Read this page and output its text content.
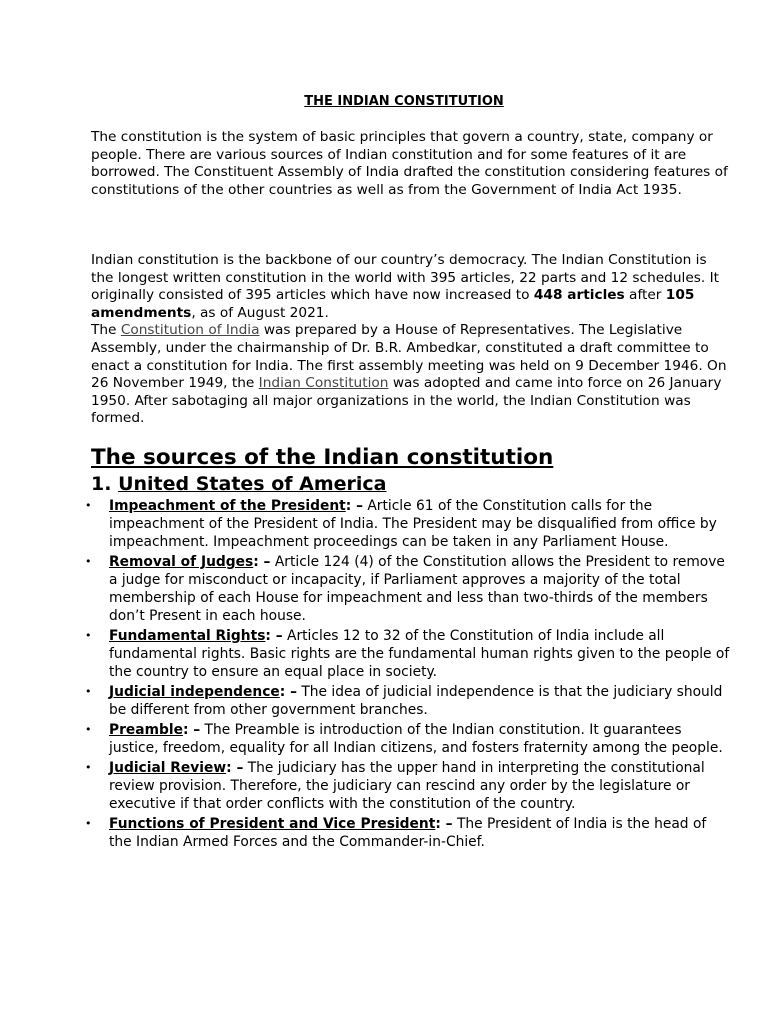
THE INDIAN CONSTITUTION

The constitution is the system of basic principles that govern a country, state, company or people. There are various sources of Indian constitution and for some features of it are borrowed. The Constituent Assembly of India drafted the constitution considering features of constitutions of the other countries as well as from the Government of India Act 1935.

Indian constitution is the backbone of our country’s democracy. The Indian Constitution is the longest written constitution in the world with 395 articles, 22 parts and 12 schedules. It originally consisted of 395 articles which have now increased to 448 articles after 105 amendments, as of August 2021.
The Constitution of India was prepared by a House of Representatives. The Legislative Assembly, under the chairmanship of Dr. B.R. Ambedkar, constituted a draft committee to enact a constitution for India. The first assembly meeting was held on 9 December 1946. On 26 November 1949, the Indian Constitution was adopted and came into force on 26 January 1950. After sabotaging all major organizations in the world, the Indian Constitution was formed.

The sources of the Indian constitution
1. United States of America
• Impeachment of the President: – Article 61 of the Constitution calls for the impeachment of the President of India. The President may be disqualified from office by impeachment. Impeachment proceedings can be taken in any Parliament House.
• Removal of Judges: – Article 124 (4) of the Constitution allows the President to remove a judge for misconduct or incapacity, if Parliament approves a majority of the total membership of each House for impeachment and less than two-thirds of the members don’t Present in each house.
• Fundamental Rights: – Articles 12 to 32 of the Constitution of India include all fundamental rights. Basic rights are the fundamental human rights given to the people of the country to ensure an equal place in society.
• Judicial independence: – The idea of judicial independence is that the judiciary should be different from other government branches.
• Preamble: – The Preamble is introduction of the Indian constitution. It guarantees justice, freedom, equality for all Indian citizens, and fosters fraternity among the people.
• Judicial Review: – The judiciary has the upper hand in interpreting the constitutional review provision. Therefore, the judiciary can rescind any order by the legislature or executive if that order conflicts with the constitution of the country.
• Functions of President and Vice President: – The President of India is the head of the Indian Armed Forces and the Commander-in-Chief.
